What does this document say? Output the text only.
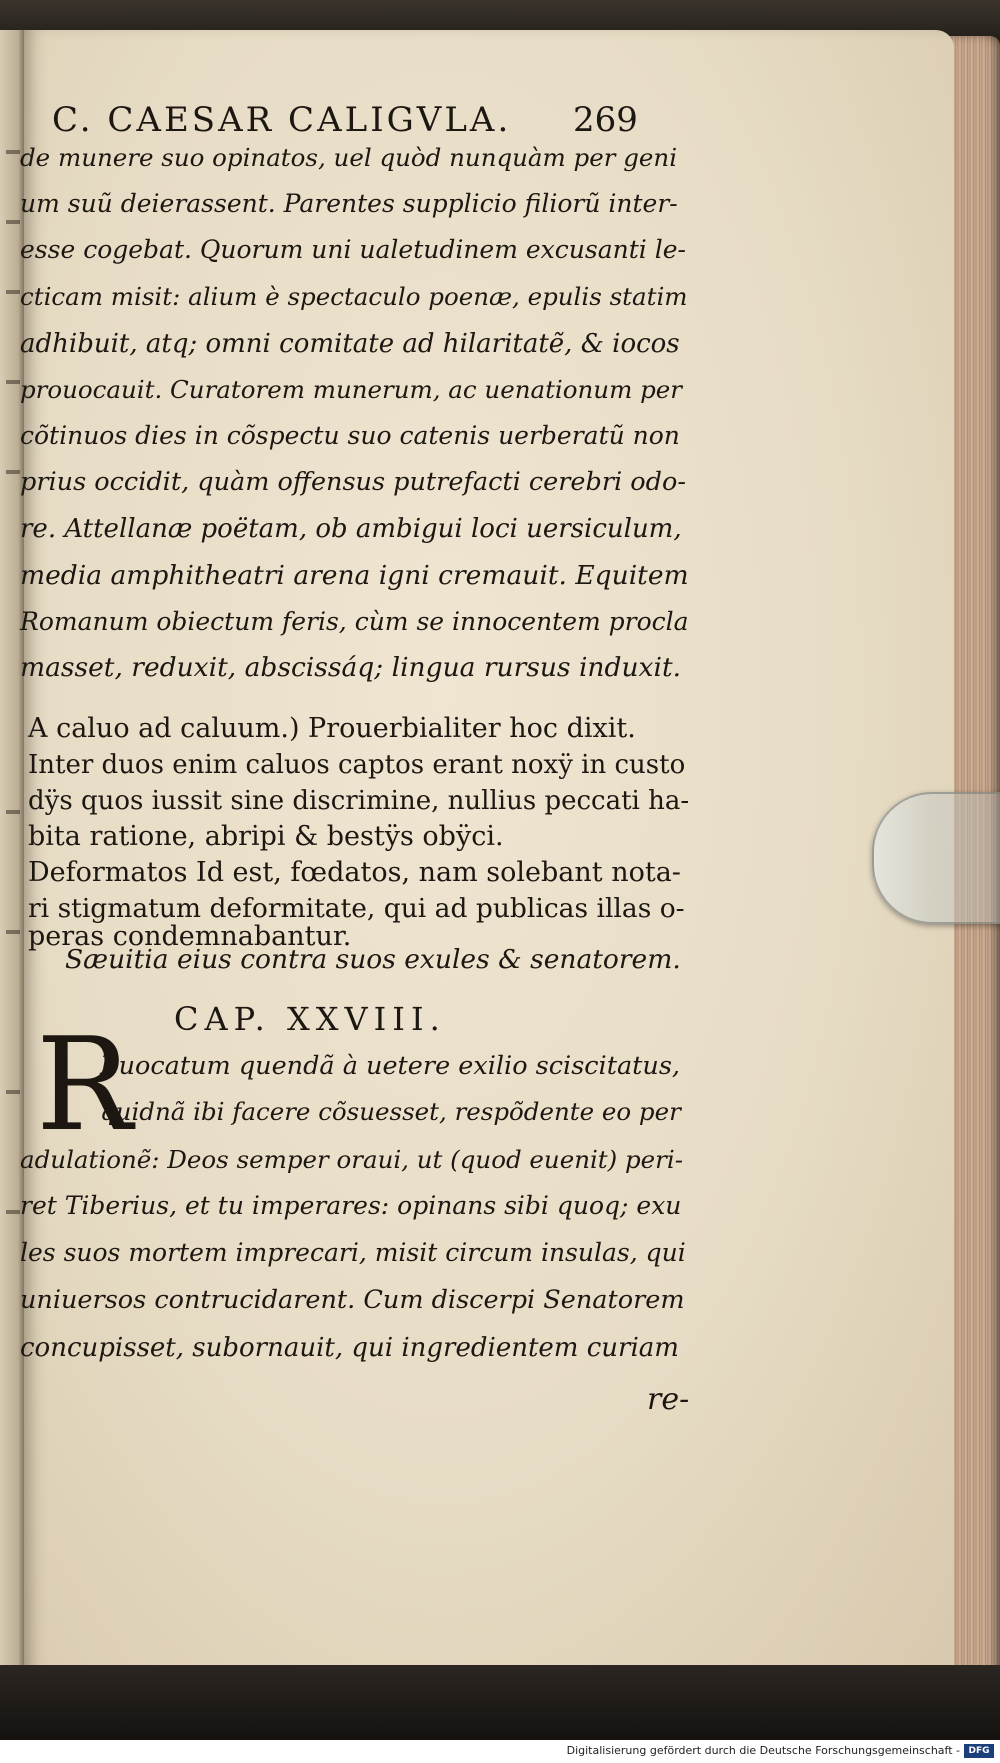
C. CAESAR CALIGVLA.	269
de munere suo opinatos, uel quòd nunquàm per geni
um suũ deierassent. Parentes supplicio filiorũ inter-
esse cogebat. Quorum uni ualetudinem excusanti le-
cticam misit: alium è spectaculo poenæ, epulis statim
adhibuit, atq; omni comitate ad hilaritatẽ, & iocos
prouocauit. Curatorem munerum, ac uenationum per
cõtinuos dies in cõspectu suo catenis uerberatũ non
prius occidit, quàm offensus putrefacti cerebri odo-
re. Attellanæ poëtam, ob ambigui loci uersiculum,
media amphitheatri arena igni cremauit. Equitem
Romanum obiectum feris, cùm se innocentem procla
masset, reduxit, abscissáq; lingua rursus induxit.
A caluo ad caluum.) Prouerbialiter hoc dixit.
Inter duos enim caluos captos erant noxÿ in custo
dÿs quos iussit sine discrimine, nullius peccati ha-
bita ratione, abripi & bestÿs obÿci.
Deformatos Id est, fœdatos, nam solebant nota-
ri stigmatum deformitate, qui ad publicas illas o-
peras condemnabantur.
Sæuitia eius contra suos exules & senatorem.
CAP. XXVIII.
R
Euocatum quendã à uetere exilio sciscitatus,
quidnã ibi facere cõsuesset, respõdente eo per
adulationẽ: Deos semper oraui, ut (quod euenit) peri-
ret Tiberius, et tu imperares: opinans sibi quoq; exu
les suos mortem imprecari, misit circum insulas, qui
uniuersos contrucidarent. Cum discerpi Senatorem
concupisset, subornauit, qui ingredientem curiam
re-
Digitalisierung gefördert durch die Deutsche Forschungsgemeinschaft - DFG
